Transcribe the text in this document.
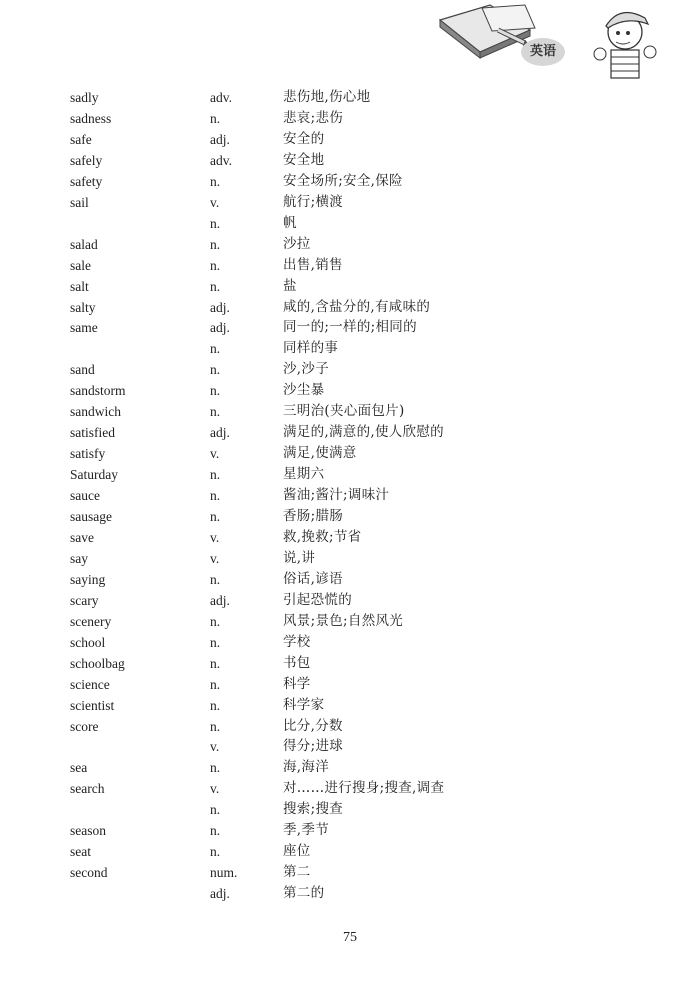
英语
sadly	adv.	悲伤地,伤心地
sadness	n.	悲哀;悲伤
safe	adj.	安全的
safely	adv.	安全地
safety	n.	安全场所;安全,保险
sail	v.	航行;横渡
n.	帆
salad	n.	沙拉
sale	n.	出售,销售
salt	n.	盐
salty	adj.	咸的,含盐分的,有咸味的
same	adj.	同一的;一样的;相同的
n.	同样的事
sand	n.	沙,沙子
sandstorm	n.	沙尘暴
sandwich	n.	三明治(夹心面包片)
satisfied	adj.	满足的,满意的,使人欣慰的
satisfy	v.	满足,使满意
Saturday	n.	星期六
sauce	n.	酱油;酱汁;调味汁
sausage	n.	香肠;腊肠
save	v.	救,挽救;节省
say	v.	说,讲
saying	n.	俗话,谚语
scary	adj.	引起恐慌的
scenery	n.	风景;景色;自然风光
school	n.	学校
schoolbag	n.	书包
science	n.	科学
scientist	n.	科学家
score	n.	比分,分数
v.	得分;进球
sea	n.	海,海洋
search	v.	对……进行搜身;搜查,调查
n.	搜索;搜查
season	n.	季,季节
seat	n.	座位
second	num.	第二
adj.	第二的
75
